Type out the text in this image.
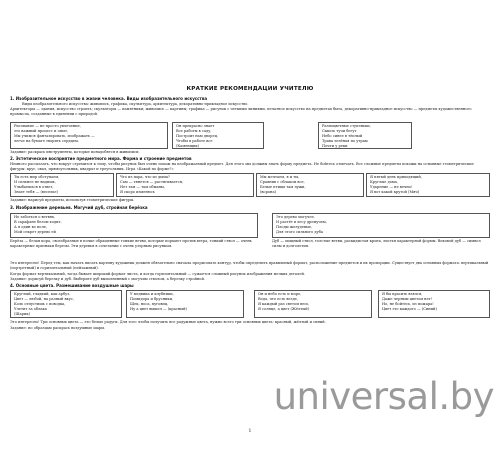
КРАТКИЕ РЕКОМЕНДАЦИИ УЧИТЕЛЮ
1. Изобразительное искусство в жизни человека. Виды изобразительного искусства
Виды изобразительного искусства: живопись, графика, скульптура, архитектура, декоративно-прикладное искусство.
Архитекторы — здания, искусство строить; скульпторы — памятники; живопись — картины; графика — рисунок с четкими линиями, печатное искусство на предметах быта, декоративно-прикладное искусство — предметы художественного промысла, созданные в единении с природой.
Рисование — не просто увлечение,
это важный процесс и опыт,
Мы учимся фантазировать, изображать —
легче на бумаге творить сердцем.
Он прекрасно знает
Все работы в саду,
Построит нам дворец,
Чтобы в работе все
(Каменщик)
Разноцветные ступеньки,
Сквозь тучи бегут
Небо синее в тёплый
Трава зелёная по утрам
Почти у реки
Задание: раскрась инструменты, которые понадобятся в живописи.
2. Эстетическое восприятие предметного мира. Форма и строение предметов
Немного рассказать, что вокруг стремится к тому, чтобы рисунок был очень похож на изображаемый предмет. Для этого мы должны знать форму предмета. Не бойтесь отмечать. Все сложные предметы похожи на основные геометрические фигуры: круг, овал, прямоугольник, квадрат и треугольник. Игра «Какой по форме?»
Ты есть мир обступаем,
И сильнее не видишь,
Улыбаешься в ответ,
Знает тебя — (веселье)
Что из пара, что из дыма?
Сам — тянется — растягивается,
Нет там — там обманы,
Я скоро изменюсь
Мы мечтаем, я и ты,
Сравнив с облаком все,
Белые птицы там лужи,
(ворона)
Я пятый день приходящий,
Круглые дома,
Ударение — не вечно!
Я вот какой крутой (Мяч)
Задание: нарисуй предметы, используя геометрические фигуры.
3. Изображение деревьев. Могучий дуб, стройная берёзка
Не заботься о ветвях,
В сарафане белом ходит,
А я один во поле,
Мой секрет дерево ей
Это дерево могучее,
И растёт в лесу дремучем,
Плоды желудевые,
Для этого сильного дуба
Берёза — белая кора, своеобразные в почке обращенные тонкие ветви, которые порхают против ветра, тонкий ствол — очень характерные признаки березы. Эти деревья в сочетании с очень узорным рисунком.
Дуб — мощный ствол, толстые ветви, раскидистая крона, листья характерной формы. Вековой дуб — символ силы и долголетия.
Это интересно! Перед тем, как начать писать картину художник должен обязательно сначала прорисовать контур, чтобы определить правильный формат, расположение предметов и их пропорции. Существует два основных формата: вертикальный (портретный) и горизонтальный (пейзажный).
Когда формат вертикальный, тогда бывает широкий формат листа, и когда горизонтальный — сужается сложный рисунок изображения мелких деталей.
Задание: дорисуй березку и дуб. Выберите дуб выполненный с могучим стволом, а березку стройной.
4. Основные цвета. Размешивание воздушные шары
Круглый, гладкий, как арбуз,
Цвет — любой, на разный вкус,
Коль отпустишь с поводка,
Улетит за облака
(Шарик)
У медвика и клубники,
Помидора и брусники,
Щек, носа, пуговиц,
Ну а цвет вышел — (красный)
Он и небо есть и море,
Вода, что есть везде,
Я каждый раз светом весь,
Я солнце, а цвет (Жёлтый)
Я бы красить взялся,
Даже черным цветом нет!
Но, не бойтесь, из пожара!
Цвет это каждого — (Синий)
Это интересно! Три основных цвета — это белые радуги. Для того чтобы получить все радужные цвета, нужно всего три основных цвета: красный, жёлтый и синий.
Задание: по образцам раскрась воздушные шары.
1
universal.by
